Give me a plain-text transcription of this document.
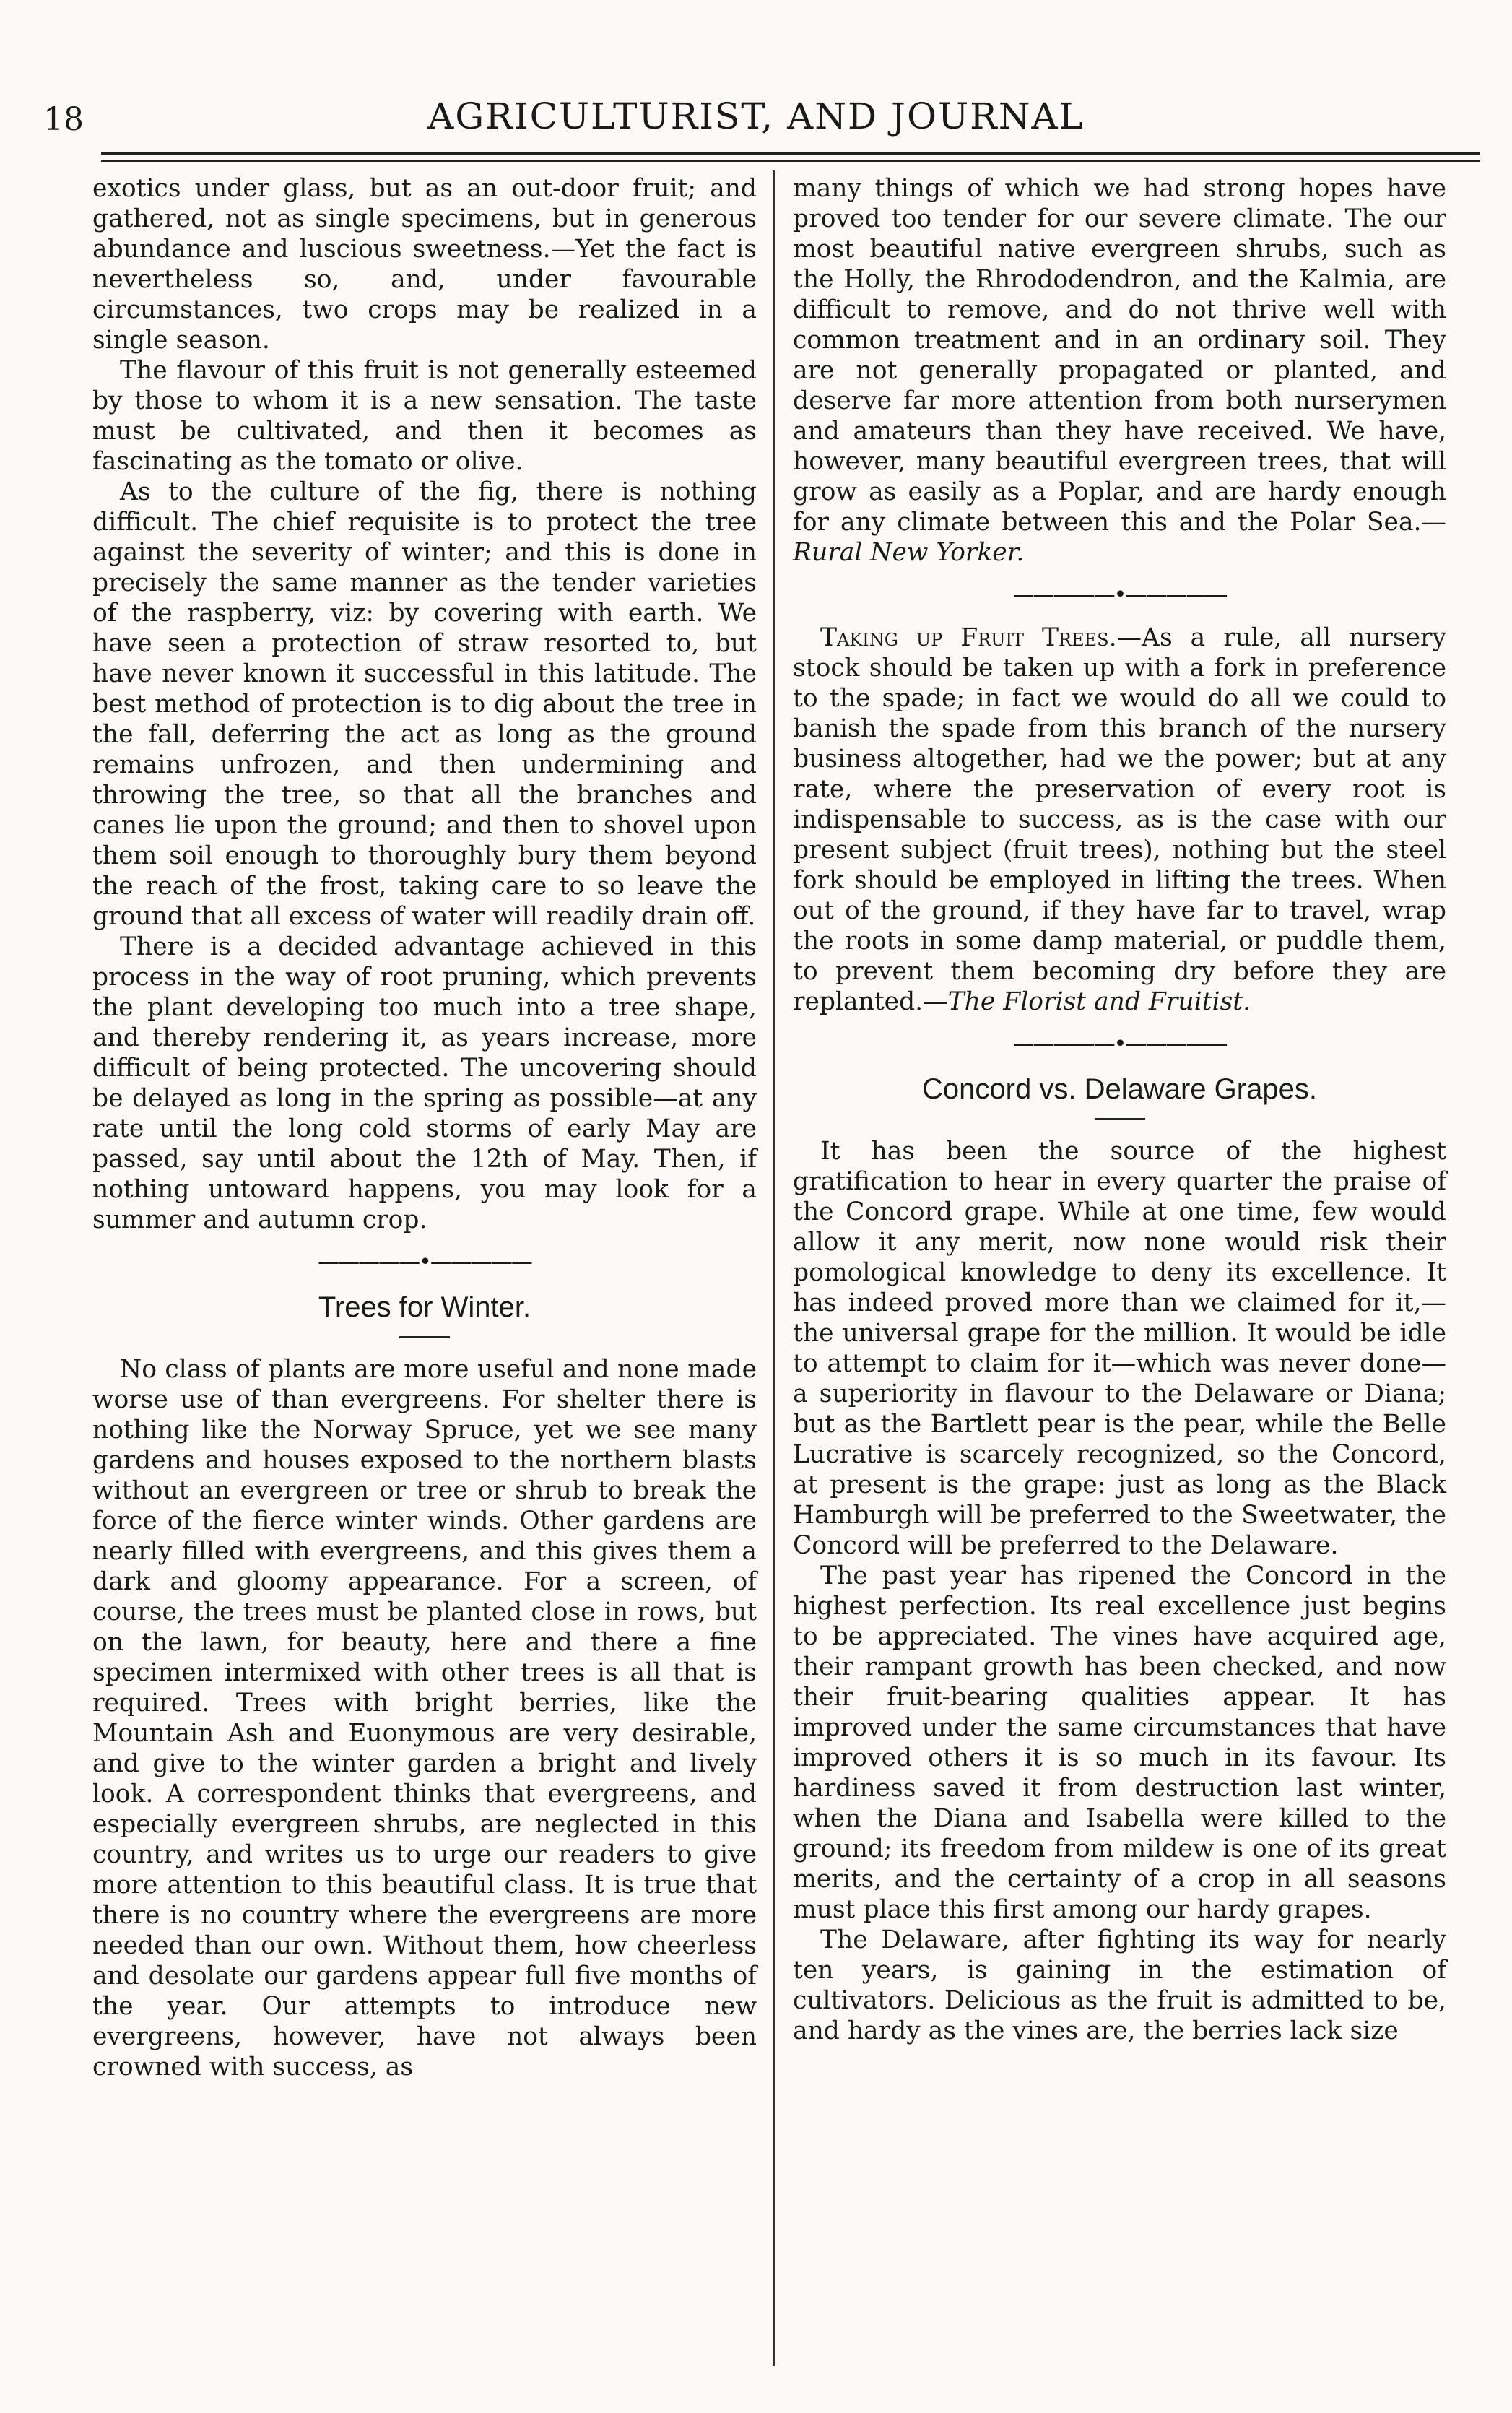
18	AGRICULTURIST, AND JOURNAL

exotics under glass, but as an out-door fruit; and gathered, not as single specimens, but in generous abundance and luscious sweetness.—Yet the fact is nevertheless so, and, under favourable circumstances, two crops may be realized in a single season.

The flavour of this fruit is not generally esteemed by those to whom it is a new sensation. The taste must be cultivated, and then it becomes as fascinating as the tomato or olive.

As to the culture of the fig, there is nothing difficult. The chief requisite is to protect the tree against the severity of winter; and this is done in precisely the same manner as the tender varieties of the raspberry, viz: by covering with earth. We have seen a protection of straw resorted to, but have never known it successful in this latitude. The best method of protection is to dig about the tree in the fall, deferring the act as long as the ground remains unfrozen, and then undermining and throwing the tree, so that all the branches and canes lie upon the ground; and then to shovel upon them soil enough to thoroughly bury them beyond the reach of the frost, taking care to so leave the ground that all excess of water will readily drain off.

There is a decided advantage achieved in this process in the way of root pruning, which prevents the plant developing too much into a tree shape, and thereby rendering it, as years increase, more difficult of being protected. The uncovering should be delayed as long in the spring as possible—at any rate until the long cold storms of early May are passed, say until about the 12th of May. Then, if nothing untoward happens, you may look for a summer and autumn crop.

—————•—————
Trees for Winter.

No class of plants are more useful and none made worse use of than evergreens. For shelter there is nothing like the Norway Spruce, yet we see many gardens and houses exposed to the northern blasts without an evergreen or tree or shrub to break the force of the fierce winter winds. Other gardens are nearly filled with evergreens, and this gives them a dark and gloomy appearance. For a screen, of course, the trees must be planted close in rows, but on the lawn, for beauty, here and there a fine specimen intermixed with other trees is all that is required. Trees with bright berries, like the Mountain Ash and Euonymous are very desirable, and give to the winter garden a bright and lively look. A correspondent thinks that evergreens, and especially evergreen shrubs, are neglected in this country, and writes us to urge our readers to give more attention to this beautiful class. It is true that there is no country where the evergreens are more needed than our own. Without them, how cheerless and desolate our gardens appear full five months of the year. Our attempts to introduce new evergreens, however, have not always been crowned with success, as

many things of which we had strong hopes have proved too tender for our severe climate. The our most beautiful native evergreen shrubs, such as the Holly, the Rhrododendron, and the Kalmia, are difficult to remove, and do not thrive well with common treatment and in an ordinary soil. They are not generally propagated or planted, and deserve far more attention from both nurserymen and amateurs than they have received. We have, however, many beautiful evergreen trees, that will grow as easily as a Poplar, and are hardy enough for any climate between this and the Polar Sea.—Rural New Yorker.

—————•—————

Taking up Fruit Trees.—As a rule, all nursery stock should be taken up with a fork in preference to the spade; in fact we would do all we could to banish the spade from this branch of the nursery business altogether, had we the power; but at any rate, where the preservation of every root is indispensable to success, as is the case with our present subject (fruit trees), nothing but the steel fork should be employed in lifting the trees. When out of the ground, if they have far to travel, wrap the roots in some damp material, or puddle them, to prevent them becoming dry before they are replanted.—The Florist and Fruitist.

—————•—————
Concord vs. Delaware Grapes.

It has been the source of the highest gratification to hear in every quarter the praise of the Concord grape. While at one time, few would allow it any merit, now none would risk their pomological knowledge to deny its excellence. It has indeed proved more than we claimed for it,—the universal grape for the million. It would be idle to attempt to claim for it—which was never done—a superiority in flavour to the Delaware or Diana; but as the Bartlett pear is the pear, while the Belle Lucrative is scarcely recognized, so the Concord, at present is the grape: just as long as the Black Hamburgh will be preferred to the Sweetwater, the Concord will be preferred to the Delaware.

The past year has ripened the Concord in the highest perfection. Its real excellence just begins to be appreciated. The vines have acquired age, their rampant growth has been checked, and now their fruit-bearing qualities appear. It has improved under the same circumstances that have improved others it is so much in its favour. Its hardiness saved it from destruction last winter, when the Diana and Isabella were killed to the ground; its freedom from mildew is one of its great merits, and the certainty of a crop in all seasons must place this first among our hardy grapes.

The Delaware, after fighting its way for nearly ten years, is gaining in the estimation of cultivators. Delicious as the fruit is admitted to be, and hardy as the vines are, the berries lack size
